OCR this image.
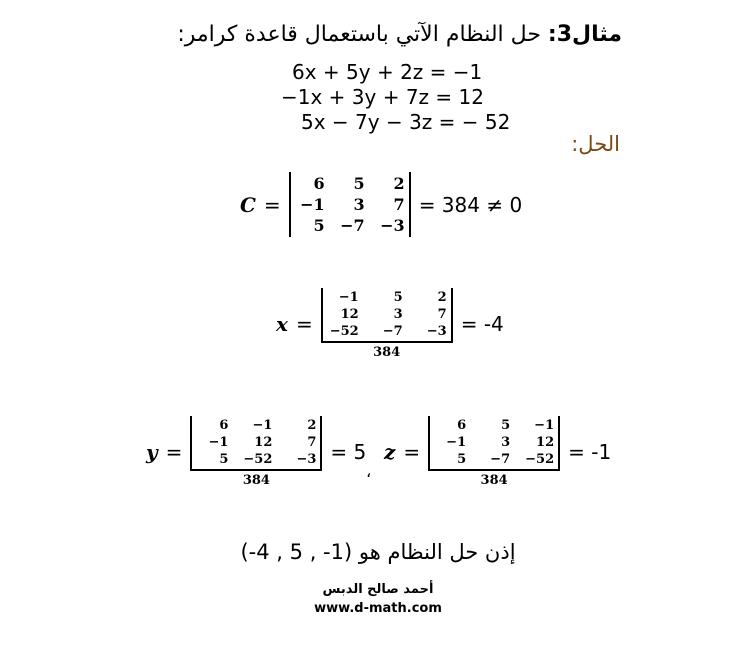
مثال3: حل النظام الآتي باستعمال قاعدة كرامر:
6x + 5y + 2z = −1
−1x + 3y + 7z = 12
5x − 7y − 3z = − 52
الحل:
C =
6	5	2
−1	3	7
5 −7 −3
= 384 ≠ 0
x = −1	5	2
12	3	7
−52	−7	−3
384 = -4
y = 6	−1	2
−1	12	7
5	−52	−3
384 = 5
،
z = 6	5	−1
−1	3	12
5	−7	−52
384 = -1
إذن حل النظام هو (1- , 5 , 4-)
أحمد صالح الدبس
www.d-math.com
